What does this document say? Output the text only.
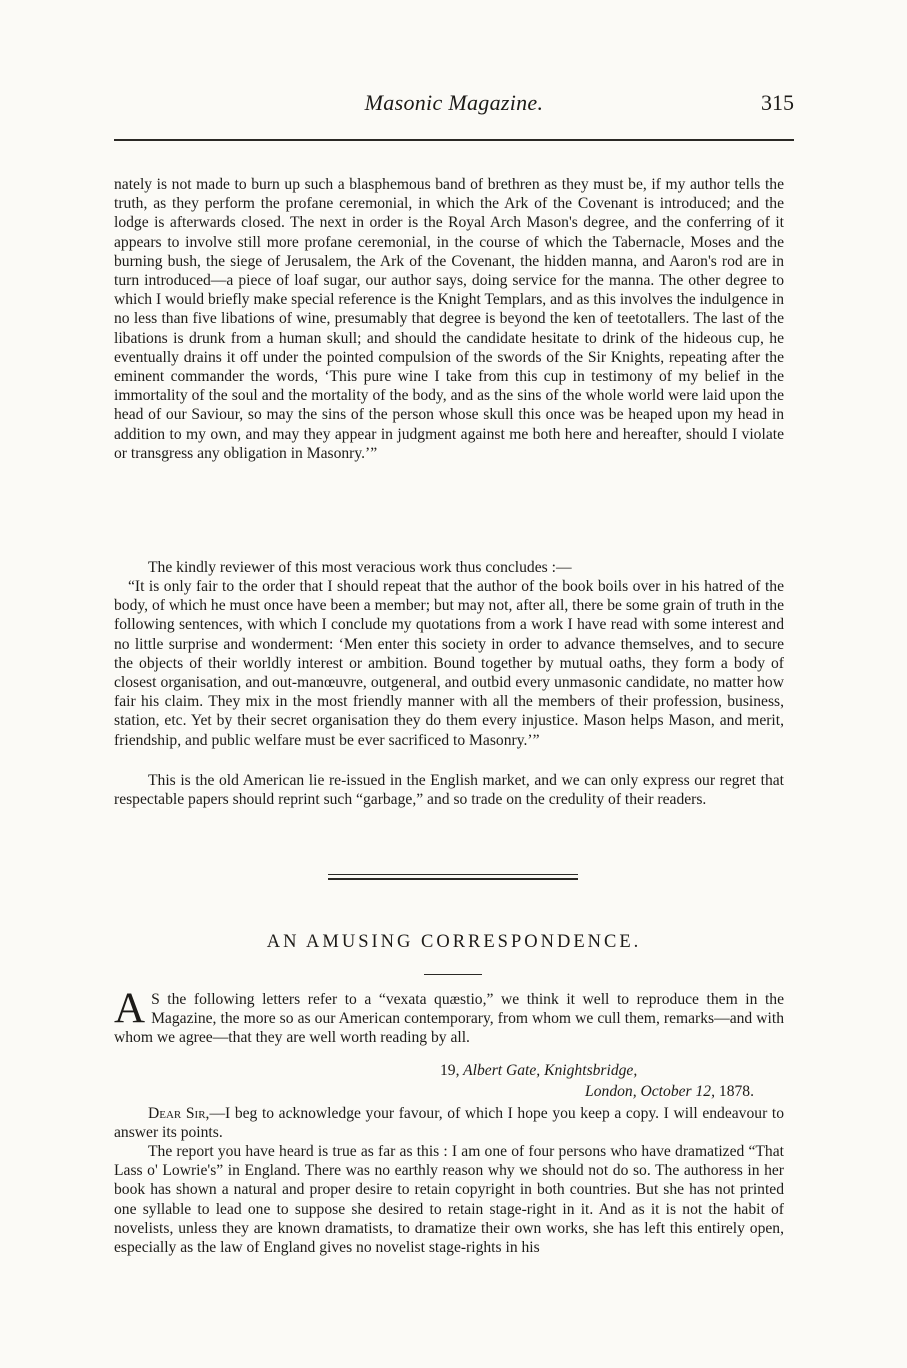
Masonic Magazine.	315

nately is not made to burn up such a blasphemous band of brethren as they must be, if my author tells the truth, as they perform the profane ceremonial, in which the Ark of the Covenant is introduced; and the lodge is afterwards closed. The next in order is the Royal Arch Mason's degree, and the conferring of it appears to involve still more profane ceremonial, in the course of which the Tabernacle, Moses and the burning bush, the siege of Jerusalem, the Ark of the Covenant, the hidden manna, and Aaron's rod are in turn introduced—a piece of loaf sugar, our author says, doing service for the manna. The other degree to which I would briefly make special reference is the Knight Templars, and as this involves the indulgence in no less than five libations of wine, presumably that degree is beyond the ken of teetotallers. The last of the libations is drunk from a human skull; and should the candidate hesitate to drink of the hideous cup, he eventually drains it off under the pointed compulsion of the swords of the Sir Knights, repeating after the eminent commander the words, ‘This pure wine I take from this cup in testimony of my belief in the immortality of the soul and the mortality of the body, and as the sins of the whole world were laid upon the head of our Saviour, so may the sins of the person whose skull this once was be heaped upon my head in addition to my own, and may they appear in judgment against me both here and hereafter, should I violate or transgress any obligation in Masonry.’”

The kindly reviewer of this most veracious work thus concludes :—

“It is only fair to the order that I should repeat that the author of the book boils over in his hatred of the body, of which he must once have been a member; but may not, after all, there be some grain of truth in the following sentences, with which I conclude my quotations from a work I have read with some interest and no little surprise and wonderment: ‘Men enter this society in order to advance themselves, and to secure the objects of their worldly interest or ambition. Bound together by mutual oaths, they form a body of closest organisation, and out-manœuvre, outgeneral, and outbid every unmasonic candidate, no matter how fair his claim. They mix in the most friendly manner with all the members of their profession, business, station, etc. Yet by their secret organisation they do them every injustice. Mason helps Mason, and merit, friendship, and public welfare must be ever sacrificed to Masonry.’”

This is the old American lie re-issued in the English market, and we can only express our regret that respectable papers should reprint such “garbage,” and so trade on the credulity of their readers.

AN AMUSING CORRESPONDENCE.

A S the following letters refer to a “vexata quæstio,” we think it well to reproduce them in the Magazine, the more so as our American contemporary, from whom we cull them, remarks—and with whom we agree—that they are well worth reading by all.

19, Albert Gate, Knightsbridge,
London, October 12, 1878.

Dear Sir,—I beg to acknowledge your favour, of which I hope you keep a copy. I will endeavour to answer its points.

The report you have heard is true as far as this : I am one of four persons who have dramatized “That Lass o' Lowrie's” in England. There was no earthly reason why we should not do so. The authoress in her book has shown a natural and proper desire to retain copyright in both countries. But she has not printed one syllable to lead one to suppose she desired to retain stage-right in it. And as it is not the habit of novelists, unless they are known dramatists, to dramatize their own works, she has left this entirely open, especially as the law of England gives no novelist stage-rights in his
